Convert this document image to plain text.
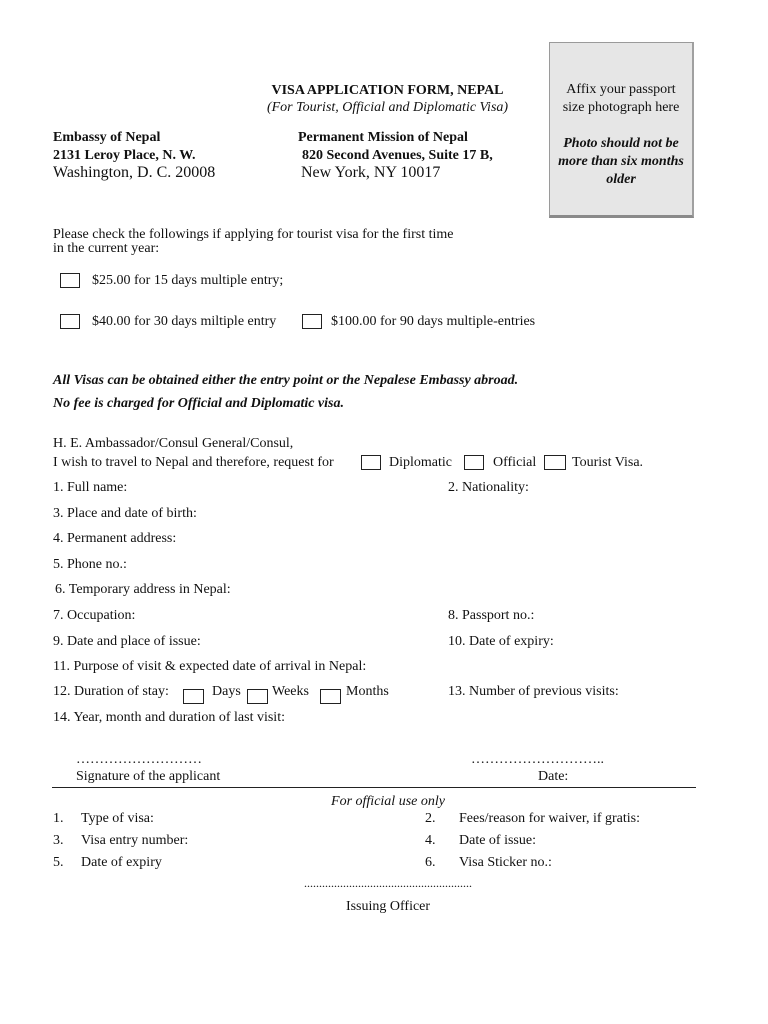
VISA APPLICATION FORM, NEPAL
(For Tourist, Official and Diplomatic Visa)
Affix your passport
size photograph here
Photo should not be
more than six months
older
Embassy of Nepal
2131 Leroy Place, N. W.
Washington, D. C. 20008
Permanent Mission of Nepal
820 Second Avenues, Suite 17 B,
New York, NY 10017
Please check the followings if applying for tourist visa for the first time
in the current year:
$25.00 for 15 days multiple entry;
$40.00 for 30 days miltiple entry	$100.00 for 90 days multiple-entries
All Visas can be obtained either the entry point or the Nepalese Embassy abroad.
No fee is charged for Official and Diplomatic visa.
H. E. Ambassador/Consul General/Consul,
I wish to travel to Nepal and therefore, request for	Diplomatic	Official	Tourist Visa.
1. Full name:	2. Nationality:
3. Place and date of birth:
4. Permanent address:
5. Phone no.:
6. Temporary address in Nepal:
7. Occupation:	8. Passport no.:
9. Date and place of issue:	10. Date of expiry:
11. Purpose of visit & expected date of arrival in Nepal:
12. Duration of stay:	Days Weeks	Months	13. Number of previous visits:
14. Year, month and duration of last visit:
………………………
Signature of the applicant
………………………..
Date:
For official use only
1. Type of visa:	2. Fees/reason for waiver, if gratis:
3. Visa entry number:	4. Date of issue:
5. Date of expiry	6. Visa Sticker no.:
........................................................
Issuing Officer
